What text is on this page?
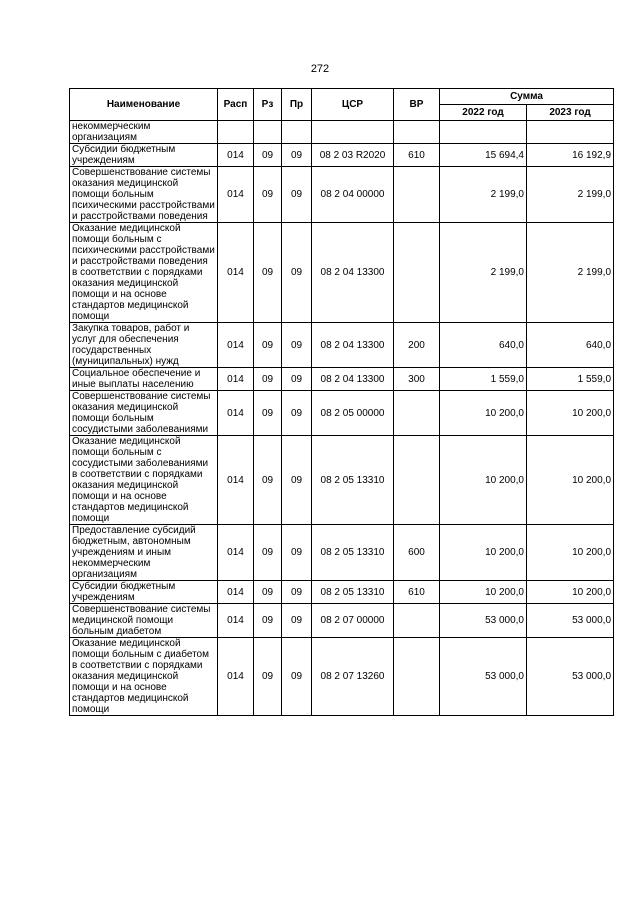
272
Наименование	Расп	Рз	Пр	ЦСР	ВР	Сумма	
						2022 год	2023 год
некоммерческим организациям							
Субсидии бюджетным учреждениям	014	09	09	08 2 03 R2020	610	15 694,4	16 192,9
Совершенствование системы оказания медицинской помощи больным психическими расстройствами и расстройствами поведения	014	09	09	08 2 04 00000		2 199,0	2 199,0
Оказание медицинской помощи больным с психическими расстройствами и расстройствами поведения в соответствии с порядками оказания медицинской помощи и на основе стандартов медицинской помощи	014	09	09	08 2 04 13300		2 199,0	2 199,0
Закупка товаров, работ и услуг для обеспечения государственных (муниципальных) нужд	014	09	09	08 2 04 13300	200	640,0	640,0
Социальное обеспечение и иные выплаты населению	014	09	09	08 2 04 13300	300	1 559,0	1 559,0
Совершенствование системы оказания медицинской помощи больным сосудистыми заболеваниями	014	09	09	08 2 05 00000		10 200,0	10 200,0
Оказание медицинской помощи больным с сосудистыми заболеваниями в соответствии с порядками оказания медицинской помощи и на основе стандартов медицинской помощи	014	09	09	08 2 05 13310		10 200,0	10 200,0
Предоставление субсидий бюджетным, автономным учреждениям и иным некоммерческим организациям	014	09	09	08 2 05 13310	600	10 200,0	10 200,0
Субсидии бюджетным учреждениям	014	09	09	08 2 05 13310	610	10 200,0	10 200,0
Совершенствование системы медицинской помощи больным диабетом	014	09	09	08 2 07 00000		53 000,0	53 000,0
Оказание медицинской помощи больным с диабетом в соответствии с порядками оказания медицинской помощи и на основе стандартов медицинской помощи	014	09	09	08 2 07 13260		53 000,0	53 000,0
